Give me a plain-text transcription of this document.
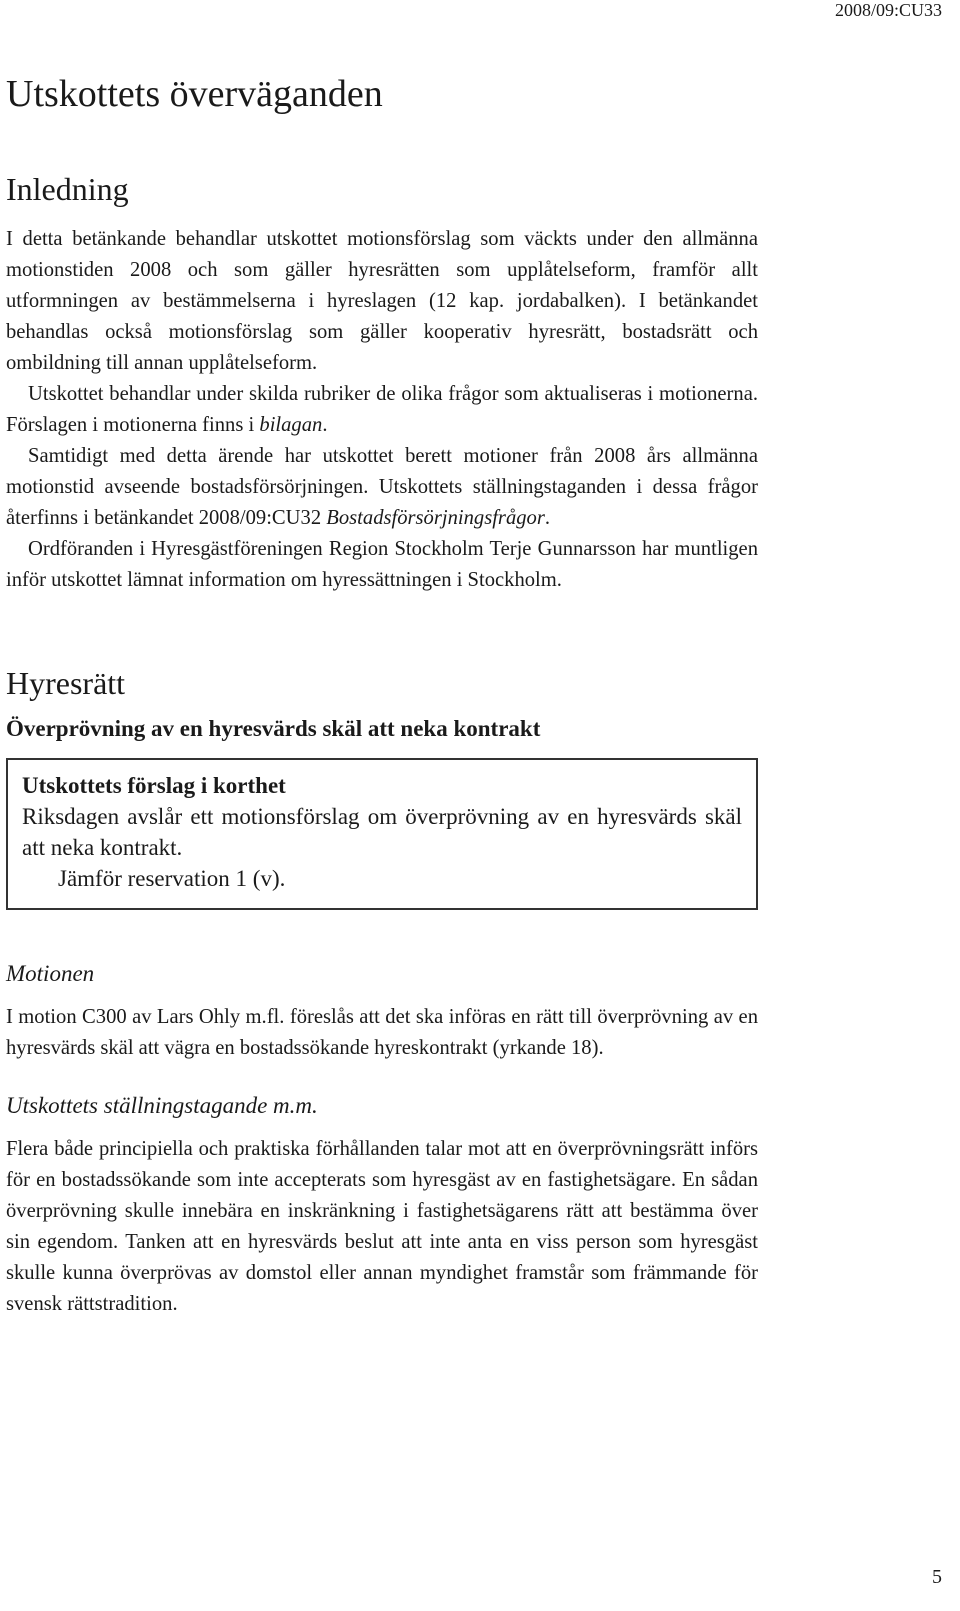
2008/09:CU33
Utskottets överväganden
Inledning

I detta betänkande behandlar utskottet motionsförslag som väckts under den allmänna motionstiden 2008 och som gäller hyresrätten som upplåtelseform, framför allt utformningen av bestämmelserna i hyreslagen (12 kap. jordabalken). I betänkandet behandlas också motionsförslag som gäller kooperativ hyresrätt, bostadsrätt och ombildning till annan upplåtelseform.

Utskottet behandlar under skilda rubriker de olika frågor som aktualiseras i motionerna. Förslagen i motionerna finns i bilagan.

Samtidigt med detta ärende har utskottet berett motioner från 2008 års allmänna motionstid avseende bostadsförsörjningen. Utskottets ställningstaganden i dessa frågor återfinns i betänkandet 2008/09:CU32 Bostadsförsörjningsfrågor.

Ordföranden i Hyresgästföreningen Region Stockholm Terje Gunnarsson har muntligen inför utskottet lämnat information om hyressättningen i Stockholm.

Hyresrätt
Överprövning av en hyresvärds skäl att neka kontrakt
Utskottets förslag i korthet
Riksdagen avslår ett motionsförslag om överprövning av en hyresvärds skäl att neka kontrakt.
Jämför reservation 1 (v).
Motionen

I motion C300 av Lars Ohly m.fl. föreslås att det ska införas en rätt till överprövning av en hyresvärds skäl att vägra en bostadssökande hyreskontrakt (yrkande 18).

Utskottets ställningstagande m.m.

Flera både principiella och praktiska förhållanden talar mot att en överprövningsrätt införs för en bostadssökande som inte accepterats som hyresgäst av en fastighetsägare. En sådan överprövning skulle innebära en inskränkning i fastighetsägarens rätt att bestämma över sin egendom. Tanken att en hyresvärds beslut att inte anta en viss person som hyresgäst skulle kunna överprövas av domstol eller annan myndighet framstår som främmande för svensk rättstradition.

5
